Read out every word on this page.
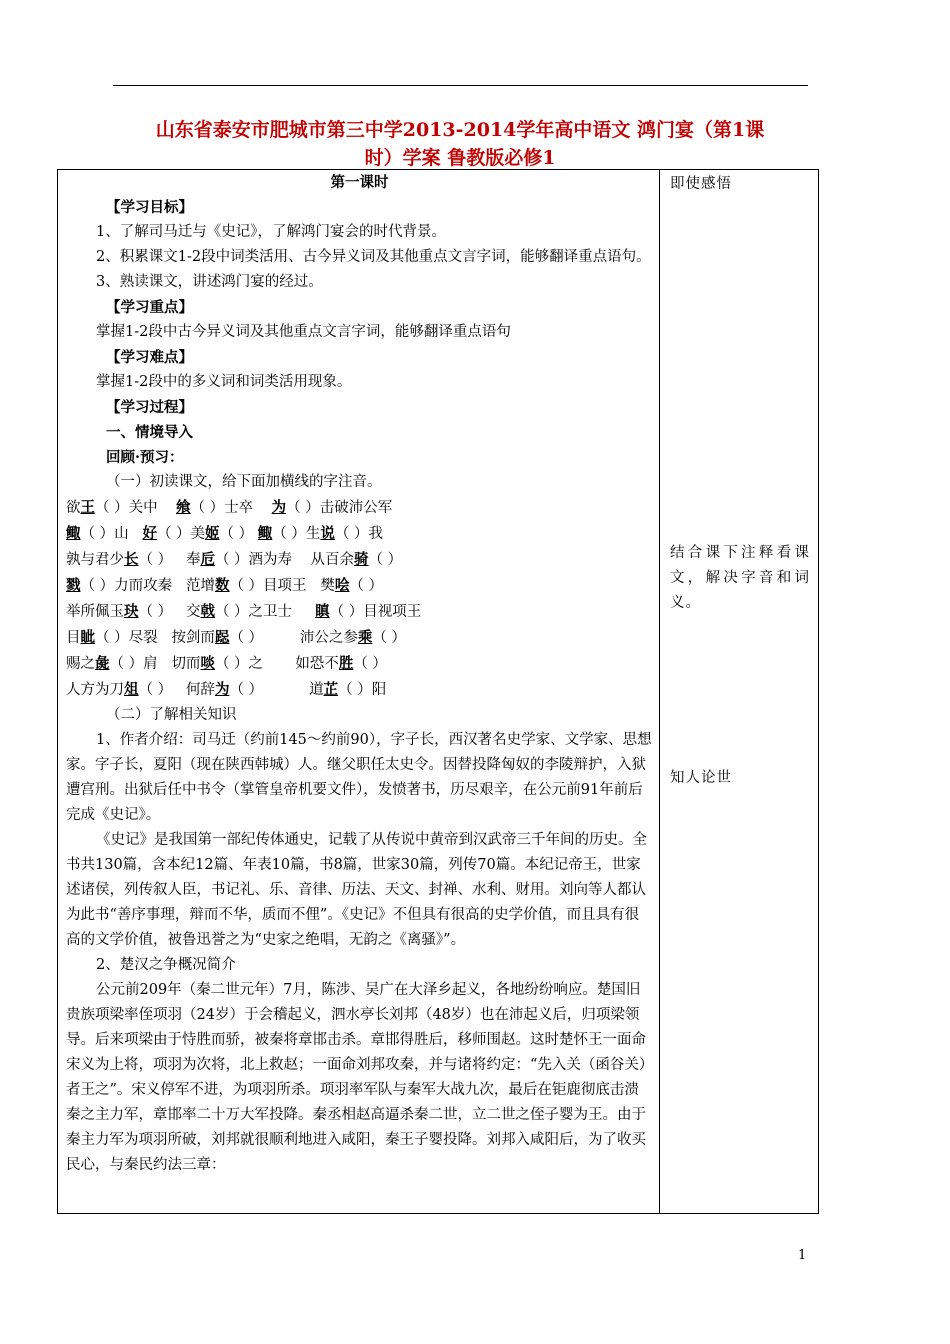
山东省泰安市肥城市第三中学2013-2014学年高中语文 鸿门宴（第1课
时）学案 鲁教版必修1

第一课时

【学习目标】

1、了解司马迁与《史记》，了解鸿门宴会的时代背景。

2、积累课文1-2段中词类活用、古今异义词及其他重点文言字词，能够翻译重点语句。

3、熟读课文，讲述鸿门宴的经过。

【学习重点】

掌握1-2段中古今异义词及其他重点文言字词，能够翻译重点语句

【学习难点】

掌握1-2段中的多义词和词类活用现象。

【学习过程】

一、情境导入

回顾·预习：

（一）初读课文，给下面加横线的字注音。

欲王（ ）关中 飨（ ）士卒 为（ ）击破沛公军

鲰（ ）山 好（ ）美姬（ ） 鲰（ ）生说（ ）我

孰与君少长（ ） 奉卮（ ）酒为寿 从百余骑（ ）

戮（ ）力而攻秦 范增数（ ）目项王 樊哙（ ）

举所佩玉玦（ ） 交戟（ ）之卫士 瞋（ ）目视项王

目眦（ ）尽裂 按剑而跽（ ）	沛公之参乘（ ）

赐之彘（ ）肩 切而啖（ ）之 如恐不胜（ ）

人方为刀俎（ ） 何辞为（ ）	道芷（ ）阳

（二）了解相关知识

1、作者介绍：司马迁（约前145～约前90），字子长，西汉著名史学家、文学家、思想家。字子长，夏阳（现在陕西韩城）人。继父职任太史令。因替投降匈奴的李陵辩护，入狱遭宫刑。出狱后任中书令（掌管皇帝机要文件），发愤著书，历尽艰辛，在公元前91年前后完成《史记》。

《史记》是我国第一部纪传体通史，记载了从传说中黄帝到汉武帝三千年间的历史。全书共130篇，含本纪12篇、年表10篇，书8篇，世家30篇，列传70篇。本纪记帝王，世家述诸侯，列传叙人臣，书记礼、乐、音律、历法、天文、封禅、水利、财用。刘向等人都认为此书“善序事理，辩而不华，质而不俚”。《史记》不但具有很高的史学价值，而且具有很高的文学价值，被鲁迅誉之为“史家之绝唱，无韵之《离骚》”。

2、楚汉之争概况简介

公元前209年（秦二世元年）7月，陈涉、吴广在大泽乡起义，各地纷纷响应。楚国旧贵族项梁率侄项羽（24岁）于会稽起义，泗水亭长刘邦（48岁）也在沛起义后，归项梁领导。后来项梁由于恃胜而骄，被秦将章邯击杀。章邯得胜后，移师围赵。这时楚怀王一面命宋义为上将，项羽为次将，北上救赵；一面命刘邦攻秦，并与诸将约定：“先入关（函谷关）者王之”。宋义停军不进，为项羽所杀。项羽率军队与秦军大战九次，最后在钜鹿彻底击溃秦之主力军，章邯率二十万大军投降。秦丞相赵高逼杀秦二世，立二世之侄子婴为王。由于秦主力军为项羽所破，刘邦就很顺利地进入咸阳，秦王子婴投降。刘邦入咸阳后，为了收买民心，与秦民约法三章：

即使感悟
结合课下注释看课文，解决字音和词义。
知人论世
1
